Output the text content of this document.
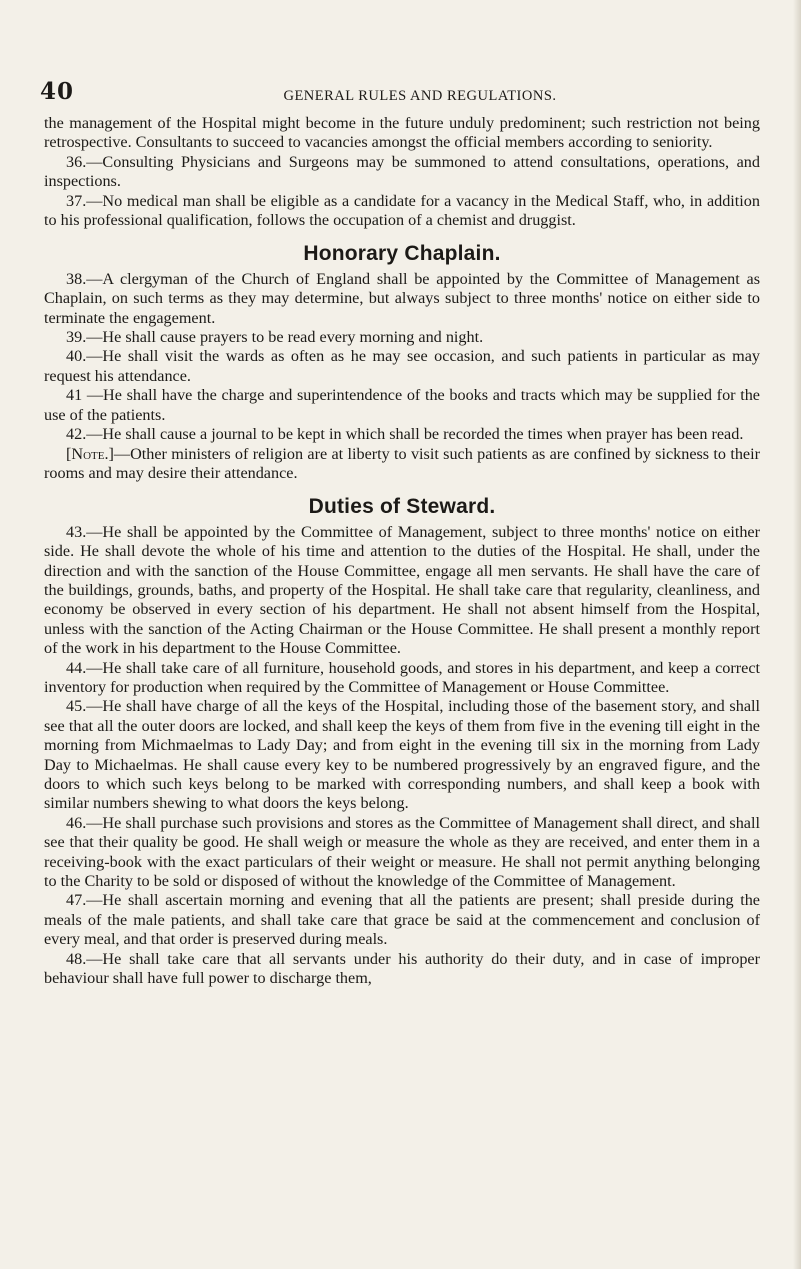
40	GENERAL RULES AND REGULATIONS.

the management of the Hospital might become in the future unduly predominent; such restriction not being retrospective. Consultants to succeed to vacancies amongst the official members according to seniority.

36.—Consulting Physicians and Surgeons may be summoned to attend consultations, operations, and inspections.

37.—No medical man shall be eligible as a candidate for a vacancy in the Medical Staff, who, in addition to his professional qualification, follows the occupation of a chemist and druggist.

Honorary Chaplain.

38.—A clergyman of the Church of England shall be appointed by the Committee of Management as Chaplain, on such terms as they may determine, but always subject to three months' notice on either side to terminate the engagement.

39.—He shall cause prayers to be read every morning and night.

40.—He shall visit the wards as often as he may see occasion, and such patients in particular as may request his attendance.

41 —He shall have the charge and superintendence of the books and tracts which may be supplied for the use of the patients.

42.—He shall cause a journal to be kept in which shall be recorded the times when prayer has been read.

[Note.]—Other ministers of religion are at liberty to visit such patients as are confined by sickness to their rooms and may desire their attendance.

Duties of Steward.

43.—He shall be appointed by the Committee of Management, subject to three months' notice on either side. He shall devote the whole of his time and attention to the duties of the Hospital. He shall, under the direction and with the sanction of the House Committee, engage all men servants. He shall have the care of the buildings, grounds, baths, and property of the Hospital. He shall take care that regularity, cleanliness, and economy be observed in every section of his department. He shall not absent himself from the Hospital, unless with the sanction of the Acting Chairman or the House Committee. He shall present a monthly report of the work in his department to the House Committee.

44.—He shall take care of all furniture, household goods, and stores in his department, and keep a correct inventory for production when required by the Committee of Management or House Committee.

45.—He shall have charge of all the keys of the Hospital, including those of the basement story, and shall see that all the outer doors are locked, and shall keep the keys of them from five in the evening till eight in the morning from Michmaelmas to Lady Day; and from eight in the evening till six in the morning from Lady Day to Michaelmas. He shall cause every key to be numbered progressively by an engraved figure, and the doors to which such keys belong to be marked with corresponding numbers, and shall keep a book with similar numbers shewing to what doors the keys belong.

46.—He shall purchase such provisions and stores as the Committee of Management shall direct, and shall see that their quality be good. He shall weigh or measure the whole as they are received, and enter them in a receiving-book with the exact particulars of their weight or measure. He shall not permit anything belonging to the Charity to be sold or disposed of without the knowledge of the Committee of Management.

47.—He shall ascertain morning and evening that all the patients are present; shall preside during the meals of the male patients, and shall take care that grace be said at the commencement and conclusion of every meal, and that order is preserved during meals.

48.—He shall take care that all servants under his authority do their duty, and in case of improper behaviour shall have full power to discharge them,
